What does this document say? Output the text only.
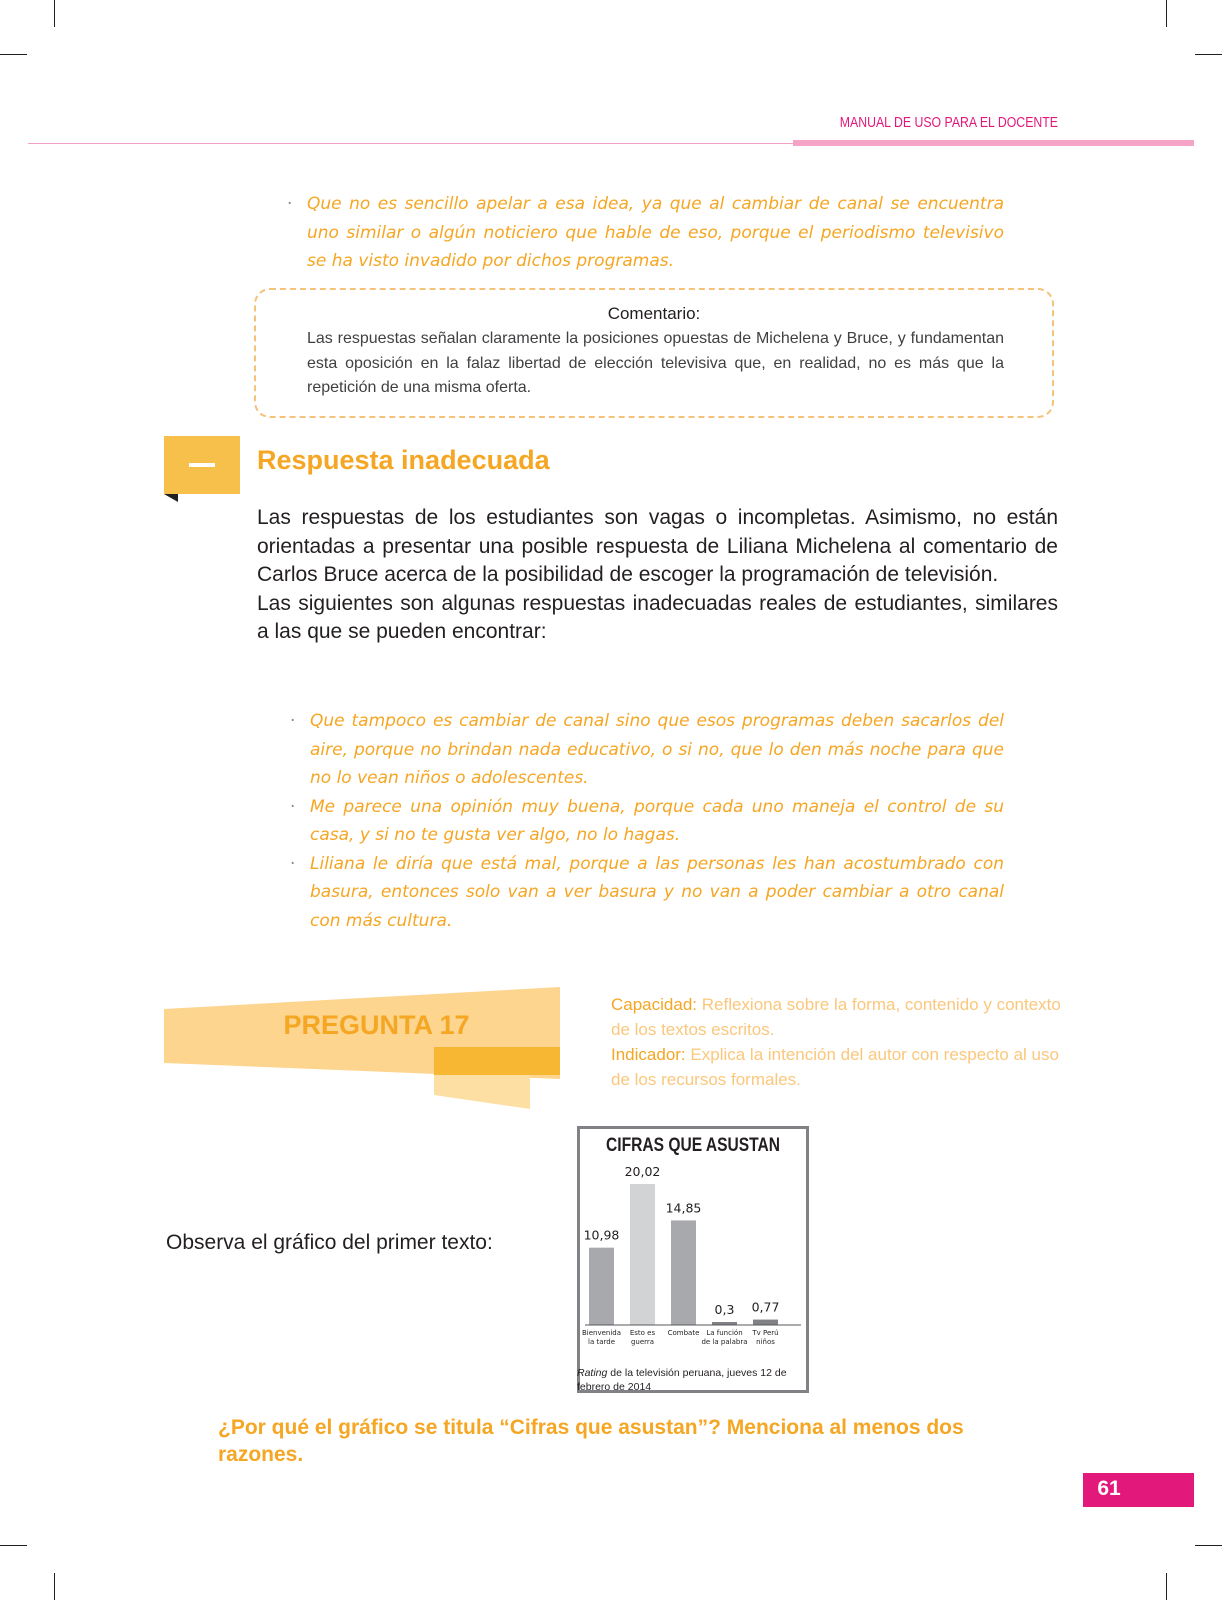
MANUAL DE USO PARA EL DOCENTE
· Que no es sencillo apelar a esa idea, ya que al cambiar de canal se encuentra uno similar o algún noticiero que hable de eso, porque el periodismo televisivo se ha visto invadido por dichos programas.
Comentario:
Las respuestas señalan claramente la posiciones opuestas de Michelena y Bruce, y fundamentan esta oposición en la falaz libertad de elección televisiva que, en realidad, no es más que la repetición de una misma oferta.
Respuesta inadecuada

Las respuestas de los estudiantes son vagas o incompletas. Asimismo, no están orientadas a presentar una posible respuesta de Liliana Michelena al comentario de Carlos Bruce acerca de la posibilidad de escoger la programación de televisión.

Las siguientes son algunas respuestas inadecuadas reales de estudiantes, similares a las que se pueden encontrar:

· Que tampoco es cambiar de canal sino que esos programas deben sacarlos del aire, porque no brindan nada educativo, o si no, que lo den más noche para que no lo vean niños o adolescentes.
· Me parece una opinión muy buena, porque cada uno maneja el control de su casa, y si no te gusta ver algo, no lo hagas.
· Liliana le diría que está mal, porque a las personas les han acostumbrado con basura, entonces solo van a ver basura y no van a poder cambiar a otro canal con más cultura.
PREGUNTA 17
Capacidad: Reflexiona sobre la forma, contenido y contexto de los textos escritos.
Indicador: Explica la intención del autor con respecto al uso de los recursos formales.
Observa el gráfico del primer texto:
CIFRAS QUE ASUSTAN
10,98
Bienvenida
la tarde
20,02
Esto es
guerra
14,85
Combate
0,3
La función
de la palabra
0,77
Tv Perú
niños
Rating de la televisión peruana, jueves 12 de febrero de 2014
¿Por qué el gráfico se titula “Cifras que asustan”? Menciona al menos dos razones.
61
